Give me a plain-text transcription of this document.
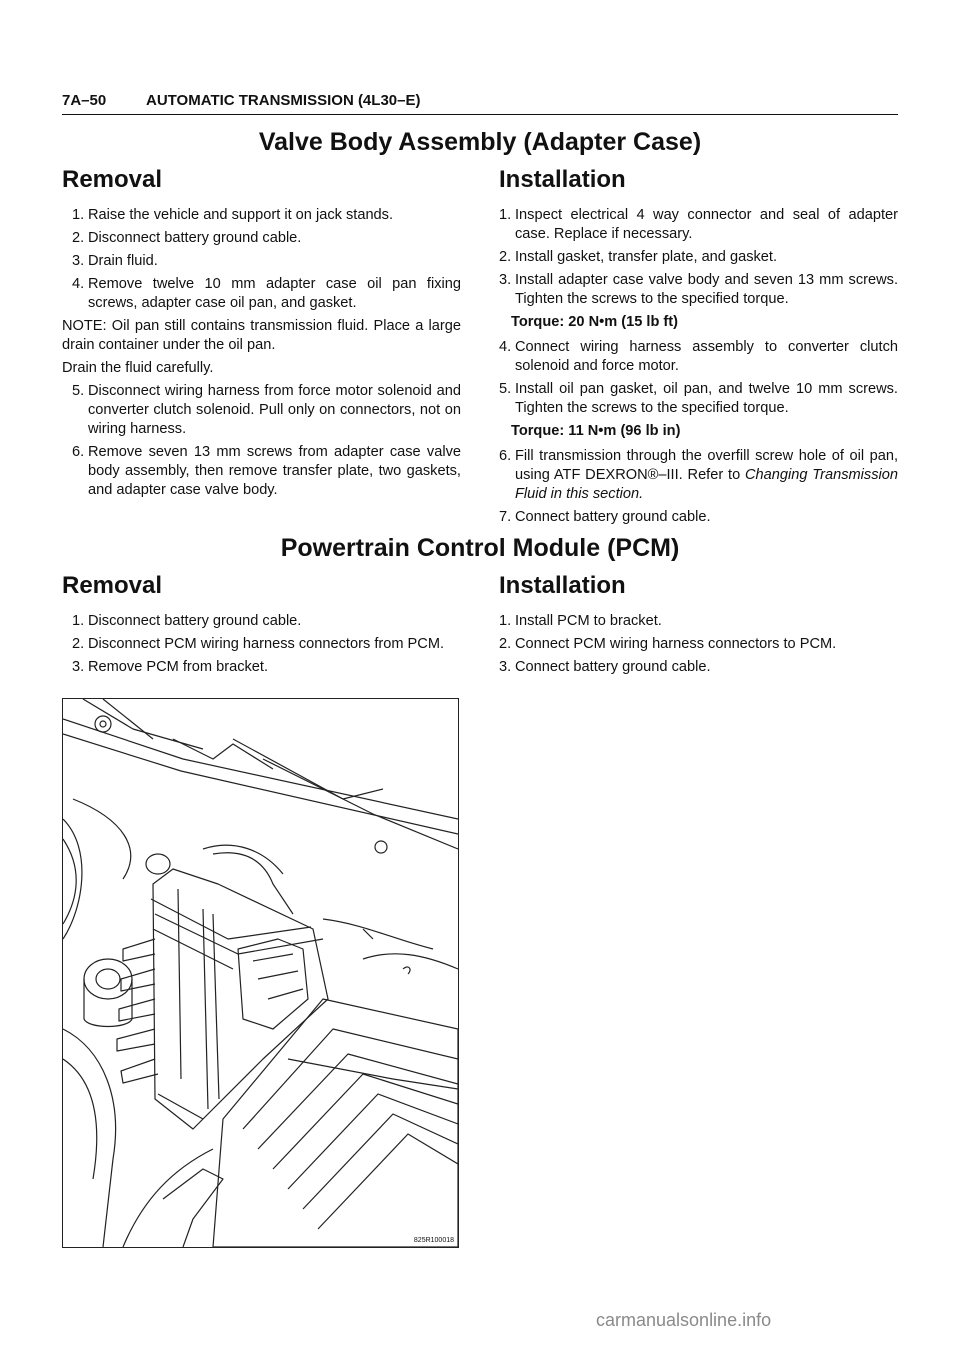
7A–50	AUTOMATIC TRANSMISSION (4L30–E)
Valve Body Assembly (Adapter Case)
Removal
1. Raise the vehicle and support it on jack stands.
2. Disconnect battery ground cable.
3. Drain fluid.
4. Remove twelve 10 mm adapter case oil pan fixing screws, adapter case oil pan, and gasket.
NOTE: Oil pan still contains transmission fluid. Place a large drain container under the oil pan.
Drain the fluid carefully.
5. Disconnect wiring harness from force motor solenoid and converter clutch solenoid. Pull only on connectors, not on wiring harness.
6. Remove seven 13 mm screws from adapter case valve body assembly, then remove transfer plate, two gaskets, and adapter case valve body.
Installation
1. Inspect electrical 4 way connector and seal of adapter case. Replace if necessary.
2. Install gasket, transfer plate, and gasket.
3. Install adapter case valve body and seven 13 mm screws. Tighten the screws to the specified torque.
Torque: 20 N•m (15 lb ft)
4. Connect wiring harness assembly to converter clutch solenoid and force motor.
5. Install oil pan gasket, oil pan, and twelve 10 mm screws. Tighten the screws to the specified torque.
Torque: 11 N•m (96 lb in)
6. Fill transmission through the overfill screw hole of oil pan, using ATF DEXRON®–III. Refer to Changing Transmission Fluid in this section.
7. Connect battery ground cable.
Powertrain Control Module (PCM)
Removal
1. Disconnect battery ground cable.
2. Disconnect PCM wiring harness connectors from PCM.
3. Remove PCM from bracket.
Installation
1. Install PCM to bracket.
2. Connect PCM wiring harness connectors to PCM.
3. Connect battery ground cable.
825R100018
carmanualsonline.info
